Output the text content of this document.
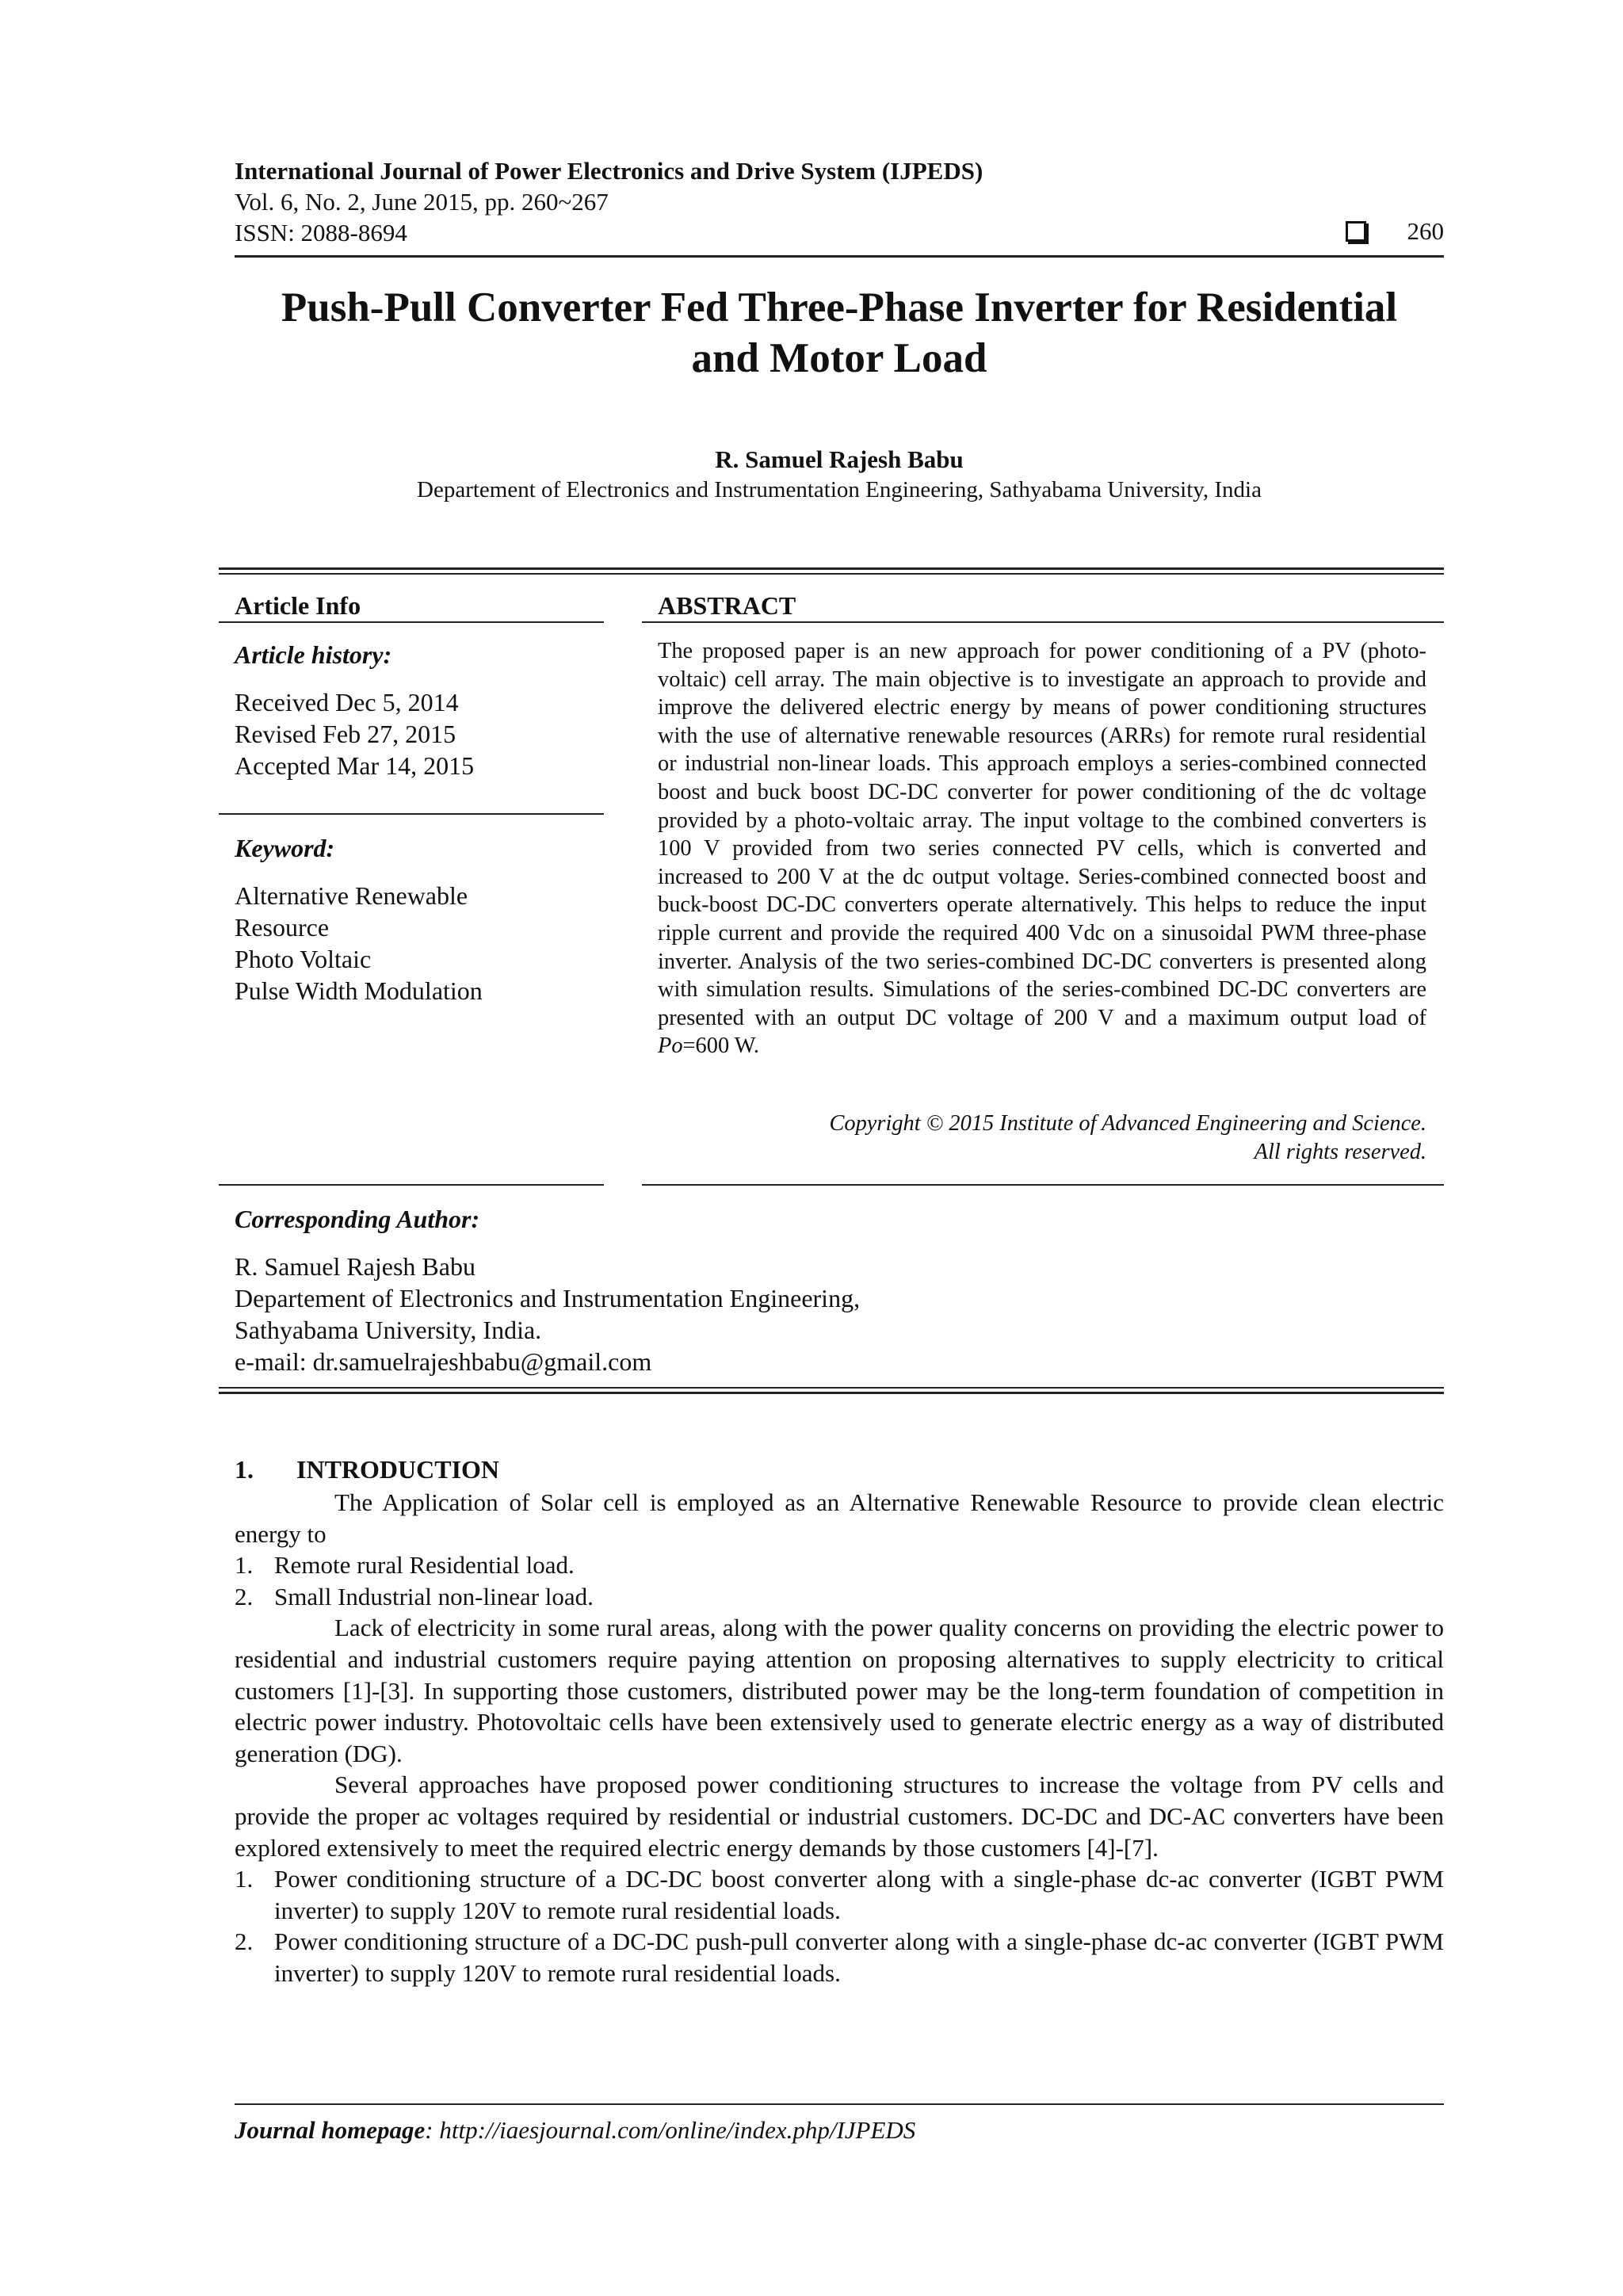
International Journal of Power Electronics and Drive System (IJPEDS)
Vol. 6, No. 2, June 2015, pp. 260~267
ISSN: 2088-8694	260
Push-Pull Converter Fed Three-Phase Inverter for Residential
and Motor Load
R. Samuel Rajesh Babu
Departement of Electronics and Instrumentation Engineering, Sathyabama University, India
Article Info
Article history:
Received Dec 5, 2014
Revised Feb 27, 2015
Accepted Mar 14, 2015
Keyword:
Alternative Renewable
Resource
Photo Voltaic
Pulse Width Modulation
ABSTRACT
The proposed paper is an new approach for power conditioning of a PV (photo-voltaic) cell array. The main objective is to investigate an approach to provide and improve the delivered electric energy by means of power conditioning structures with the use of alternative renewable resources (ARRs) for remote rural residential or industrial non-linear loads. This approach employs a series-combined connected boost and buck boost DC-DC converter for power conditioning of the dc voltage provided by a photo-voltaic array. The input voltage to the combined converters is 100 V provided from two series connected PV cells, which is converted and increased to 200 V at the dc output voltage. Series-combined connected boost and buck-boost DC-DC converters operate alternatively. This helps to reduce the input ripple current and provide the required 400 Vdc on a sinusoidal PWM three-phase inverter. Analysis of the two series-combined DC-DC converters is presented along with simulation results. Simulations of the series-combined DC-DC converters are presented with an output DC voltage of 200 V and a maximum output load of Po=600 W.
Copyright © 2015 Institute of Advanced Engineering and Science.
All rights reserved.
Corresponding Author:
R. Samuel Rajesh Babu
Departement of Electronics and Instrumentation Engineering,
Sathyabama University, India.
e-mail: dr.samuelrajeshbabu@gmail.com
1. INTRODUCTION
The Application of Solar cell is employed as an Alternative Renewable Resource to provide clean electric energy to
1. Remote rural Residential load.
2. Small Industrial non-linear load.
Lack of electricity in some rural areas, along with the power quality concerns on providing the electric power to residential and industrial customers require paying attention on proposing alternatives to supply electricity to critical customers [1]-[3]. In supporting those customers, distributed power may be the long-term foundation of competition in electric power industry. Photovoltaic cells have been extensively used to generate electric energy as a way of distributed generation (DG).
Several approaches have proposed power conditioning structures to increase the voltage from PV cells and provide the proper ac voltages required by residential or industrial customers. DC-DC and DC-AC converters have been explored extensively to meet the required electric energy demands by those customers [4]-[7].
1. Power conditioning structure of a DC-DC boost converter along with a single-phase dc-ac converter (IGBT PWM inverter) to supply 120V to remote rural residential loads.
2. Power conditioning structure of a DC-DC push-pull converter along with a single-phase dc-ac converter (IGBT PWM inverter) to supply 120V to remote rural residential loads.
Journal homepage: http://iaesjournal.com/online/index.php/IJPEDS
